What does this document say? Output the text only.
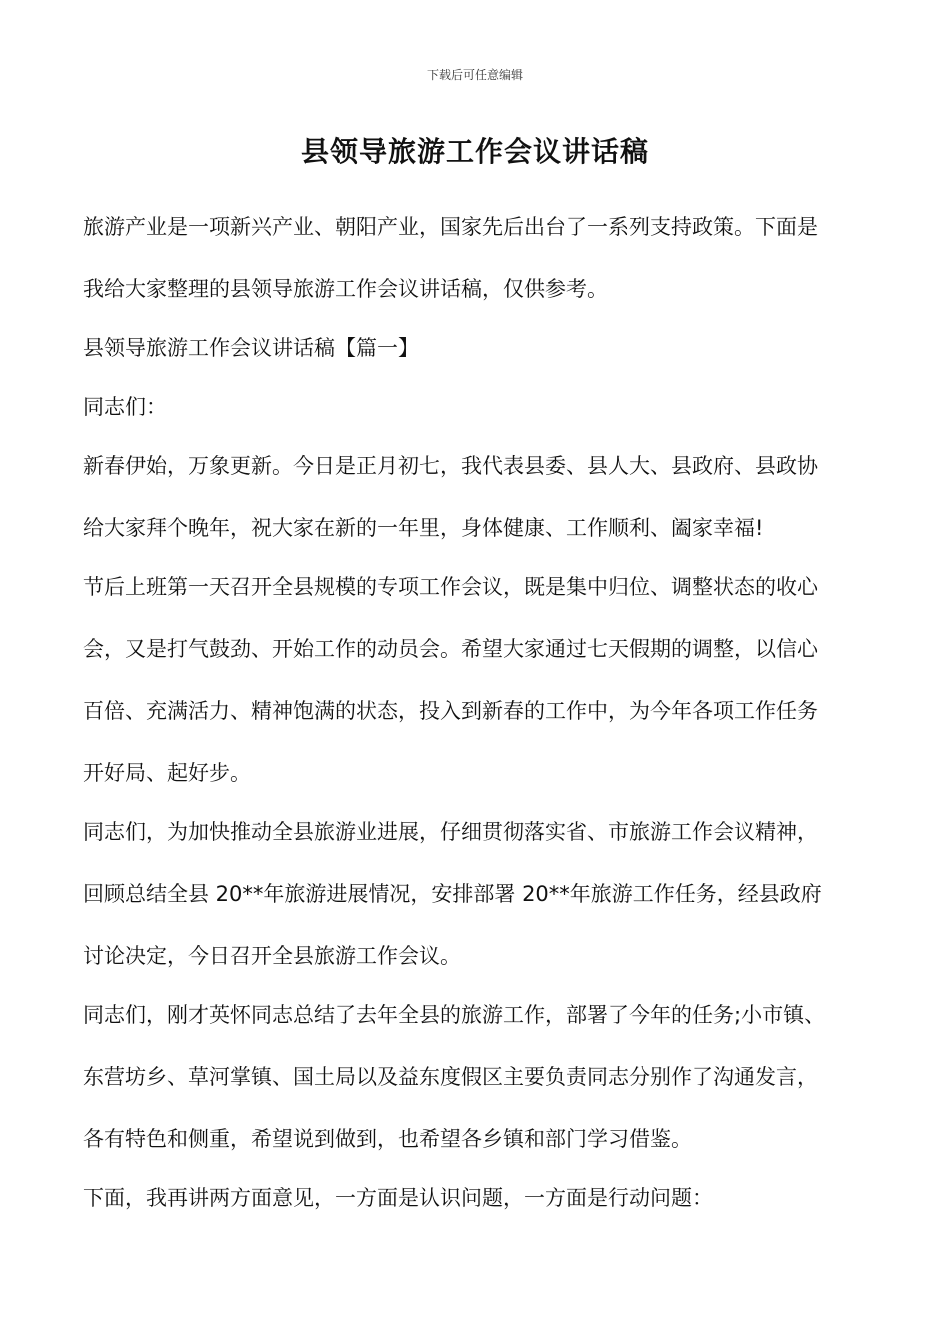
下载后可任意编辑
县领导旅游工作会议讲话稿

旅游产业是一项新兴产业、朝阳产业，国家先后出台了一系列支持政策。下面是
我给大家整理的县领导旅游工作会议讲话稿，仅供参考。

县领导旅游工作会议讲话稿【篇一】

同志们：

新春伊始，万象更新。今日是正月初七，我代表县委、县人大、县政府、县政协
给大家拜个晚年，祝大家在新的一年里，身体健康、工作顺利、阖家幸福!

节后上班第一天召开全县规模的专项工作会议，既是集中归位、调整状态的收心
会，又是打气鼓劲、开始工作的动员会。希望大家通过七天假期的调整，以信心
百倍、充满活力、精神饱满的状态，投入到新春的工作中，为今年各项工作任务
开好局、起好步。

同志们，为加快推动全县旅游业进展，仔细贯彻落实省、市旅游工作会议精神，
回顾总结全县 20**年旅游进展情况，安排部署 20**年旅游工作任务，经县政府
讨论决定，今日召开全县旅游工作会议。

同志们，刚才英怀同志总结了去年全县的旅游工作，部署了今年的任务;小市镇、
东营坊乡、草河掌镇、国土局以及益东度假区主要负责同志分别作了沟通发言，
各有特色和侧重，希望说到做到，也希望各乡镇和部门学习借鉴。

下面，我再讲两方面意见，一方面是认识问题，一方面是行动问题：
